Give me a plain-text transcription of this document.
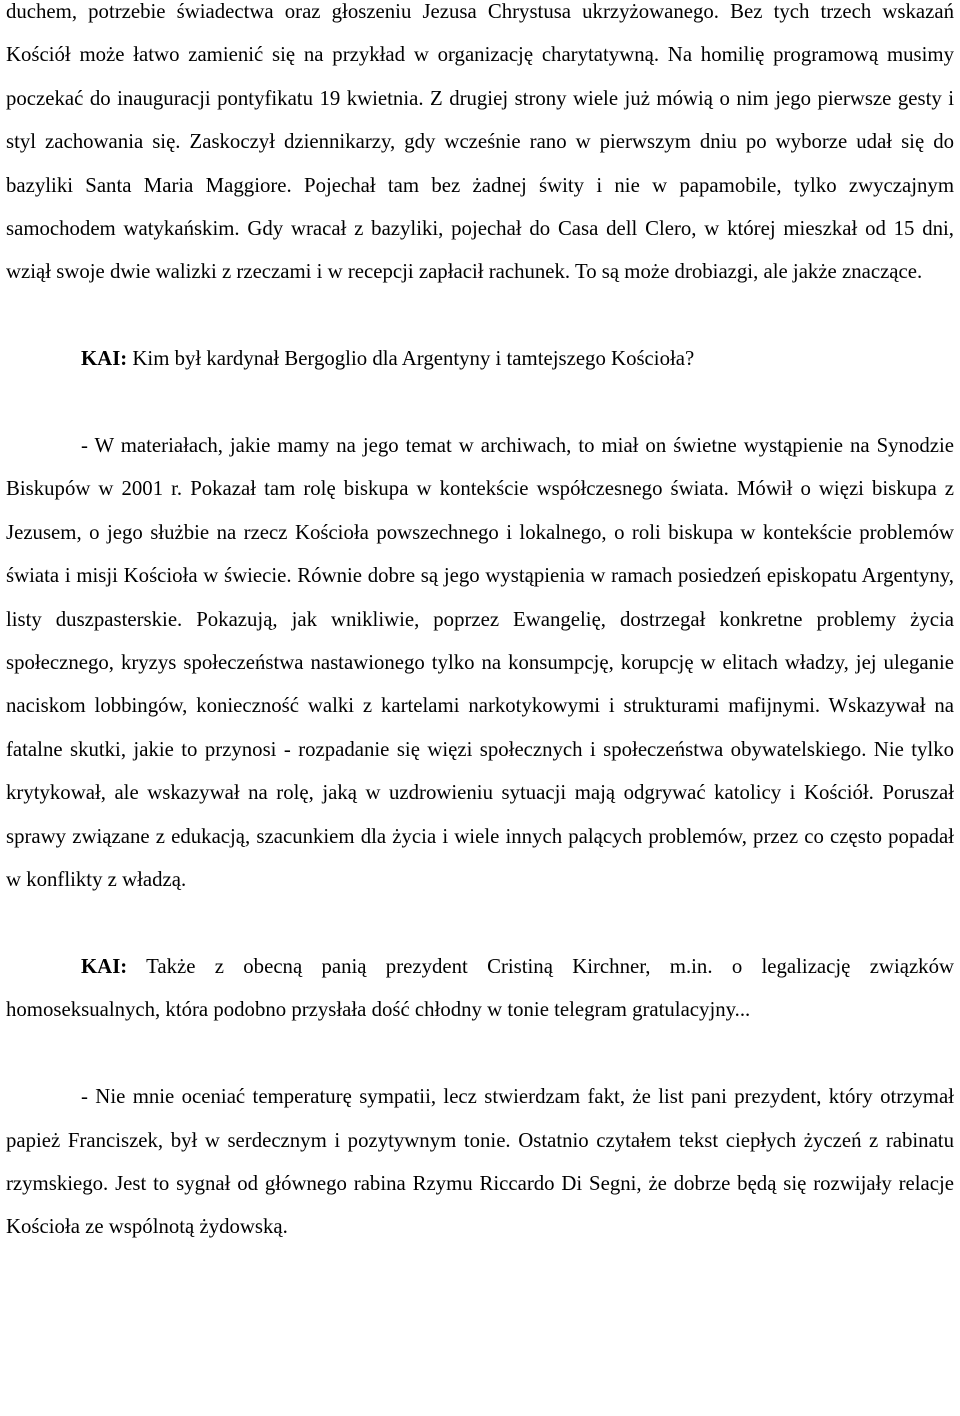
duchem, potrzebie świadectwa oraz głoszeniu Jezusa Chrystusa ukrzyżowanego. Bez tych trzech wskazań Kościół może łatwo zamienić się na przykład w organizację charytatywną. Na homilię programową musimy poczekać do inauguracji pontyfikatu 19 kwietnia. Z drugiej strony wiele już mówią o nim jego pierwsze gesty i styl zachowania się. Zaskoczył dziennikarzy, gdy wcześnie rano w pierwszym dniu po wyborze udał się do bazyliki Santa Maria Maggiore. Pojechał tam bez żadnej świty i nie w papamobile, tylko zwyczajnym samochodem watykańskim. Gdy wracał z bazyliki, pojechał do Casa dell Clero, w której mieszkał od 15 dni, wziął swoje dwie walizki z rzeczami i w recepcji zapłacił rachunek. To są może drobiazgi, ale jakże znaczące.

KAI: Kim był kardynał Bergoglio dla Argentyny i tamtejszego Kościoła?

- W materiałach, jakie mamy na jego temat w archiwach, to miał on świetne wystąpienie na Synodzie Biskupów w 2001 r. Pokazał tam rolę biskupa w kontekście współczesnego świata. Mówił o więzi biskupa z Jezusem, o jego służbie na rzecz Kościoła powszechnego i lokalnego, o roli biskupa w kontekście problemów świata i misji Kościoła w świecie. Równie dobre są jego wystąpienia w ramach posiedzeń episkopatu Argentyny, listy duszpasterskie. Pokazują, jak wnikliwie, poprzez Ewangelię, dostrzegał konkretne problemy życia społecznego, kryzys społeczeństwa nastawionego tylko na konsumpcję, korupcję w elitach władzy, jej uleganie naciskom lobbingów, konieczność walki z kartelami narkotykowymi i strukturami mafijnymi. Wskazywał na fatalne skutki, jakie to przynosi - rozpadanie się więzi społecznych i społeczeństwa obywatelskiego. Nie tylko krytykował, ale wskazywał na rolę, jaką w uzdrowieniu sytuacji mają odgrywać katolicy i Kościół. Poruszał sprawy związane z edukacją, szacunkiem dla życia i wiele innych palących problemów, przez co często popadał w konflikty z władzą.

KAI: Także z obecną panią prezydent Cristiną Kirchner, m.in. o legalizację związków homoseksualnych, która podobno przysłała dość chłodny w tonie telegram gratulacyjny...

- Nie mnie oceniać temperaturę sympatii, lecz stwierdzam fakt, że list pani prezydent, który otrzymał papież Franciszek, był w serdecznym i pozytywnym tonie. Ostatnio czytałem tekst ciepłych życzeń z rabinatu rzymskiego. Jest to sygnał od głównego rabina Rzymu Riccardo Di Segni, że dobrze będą się rozwijały relacje Kościoła ze wspólnotą żydowską.
